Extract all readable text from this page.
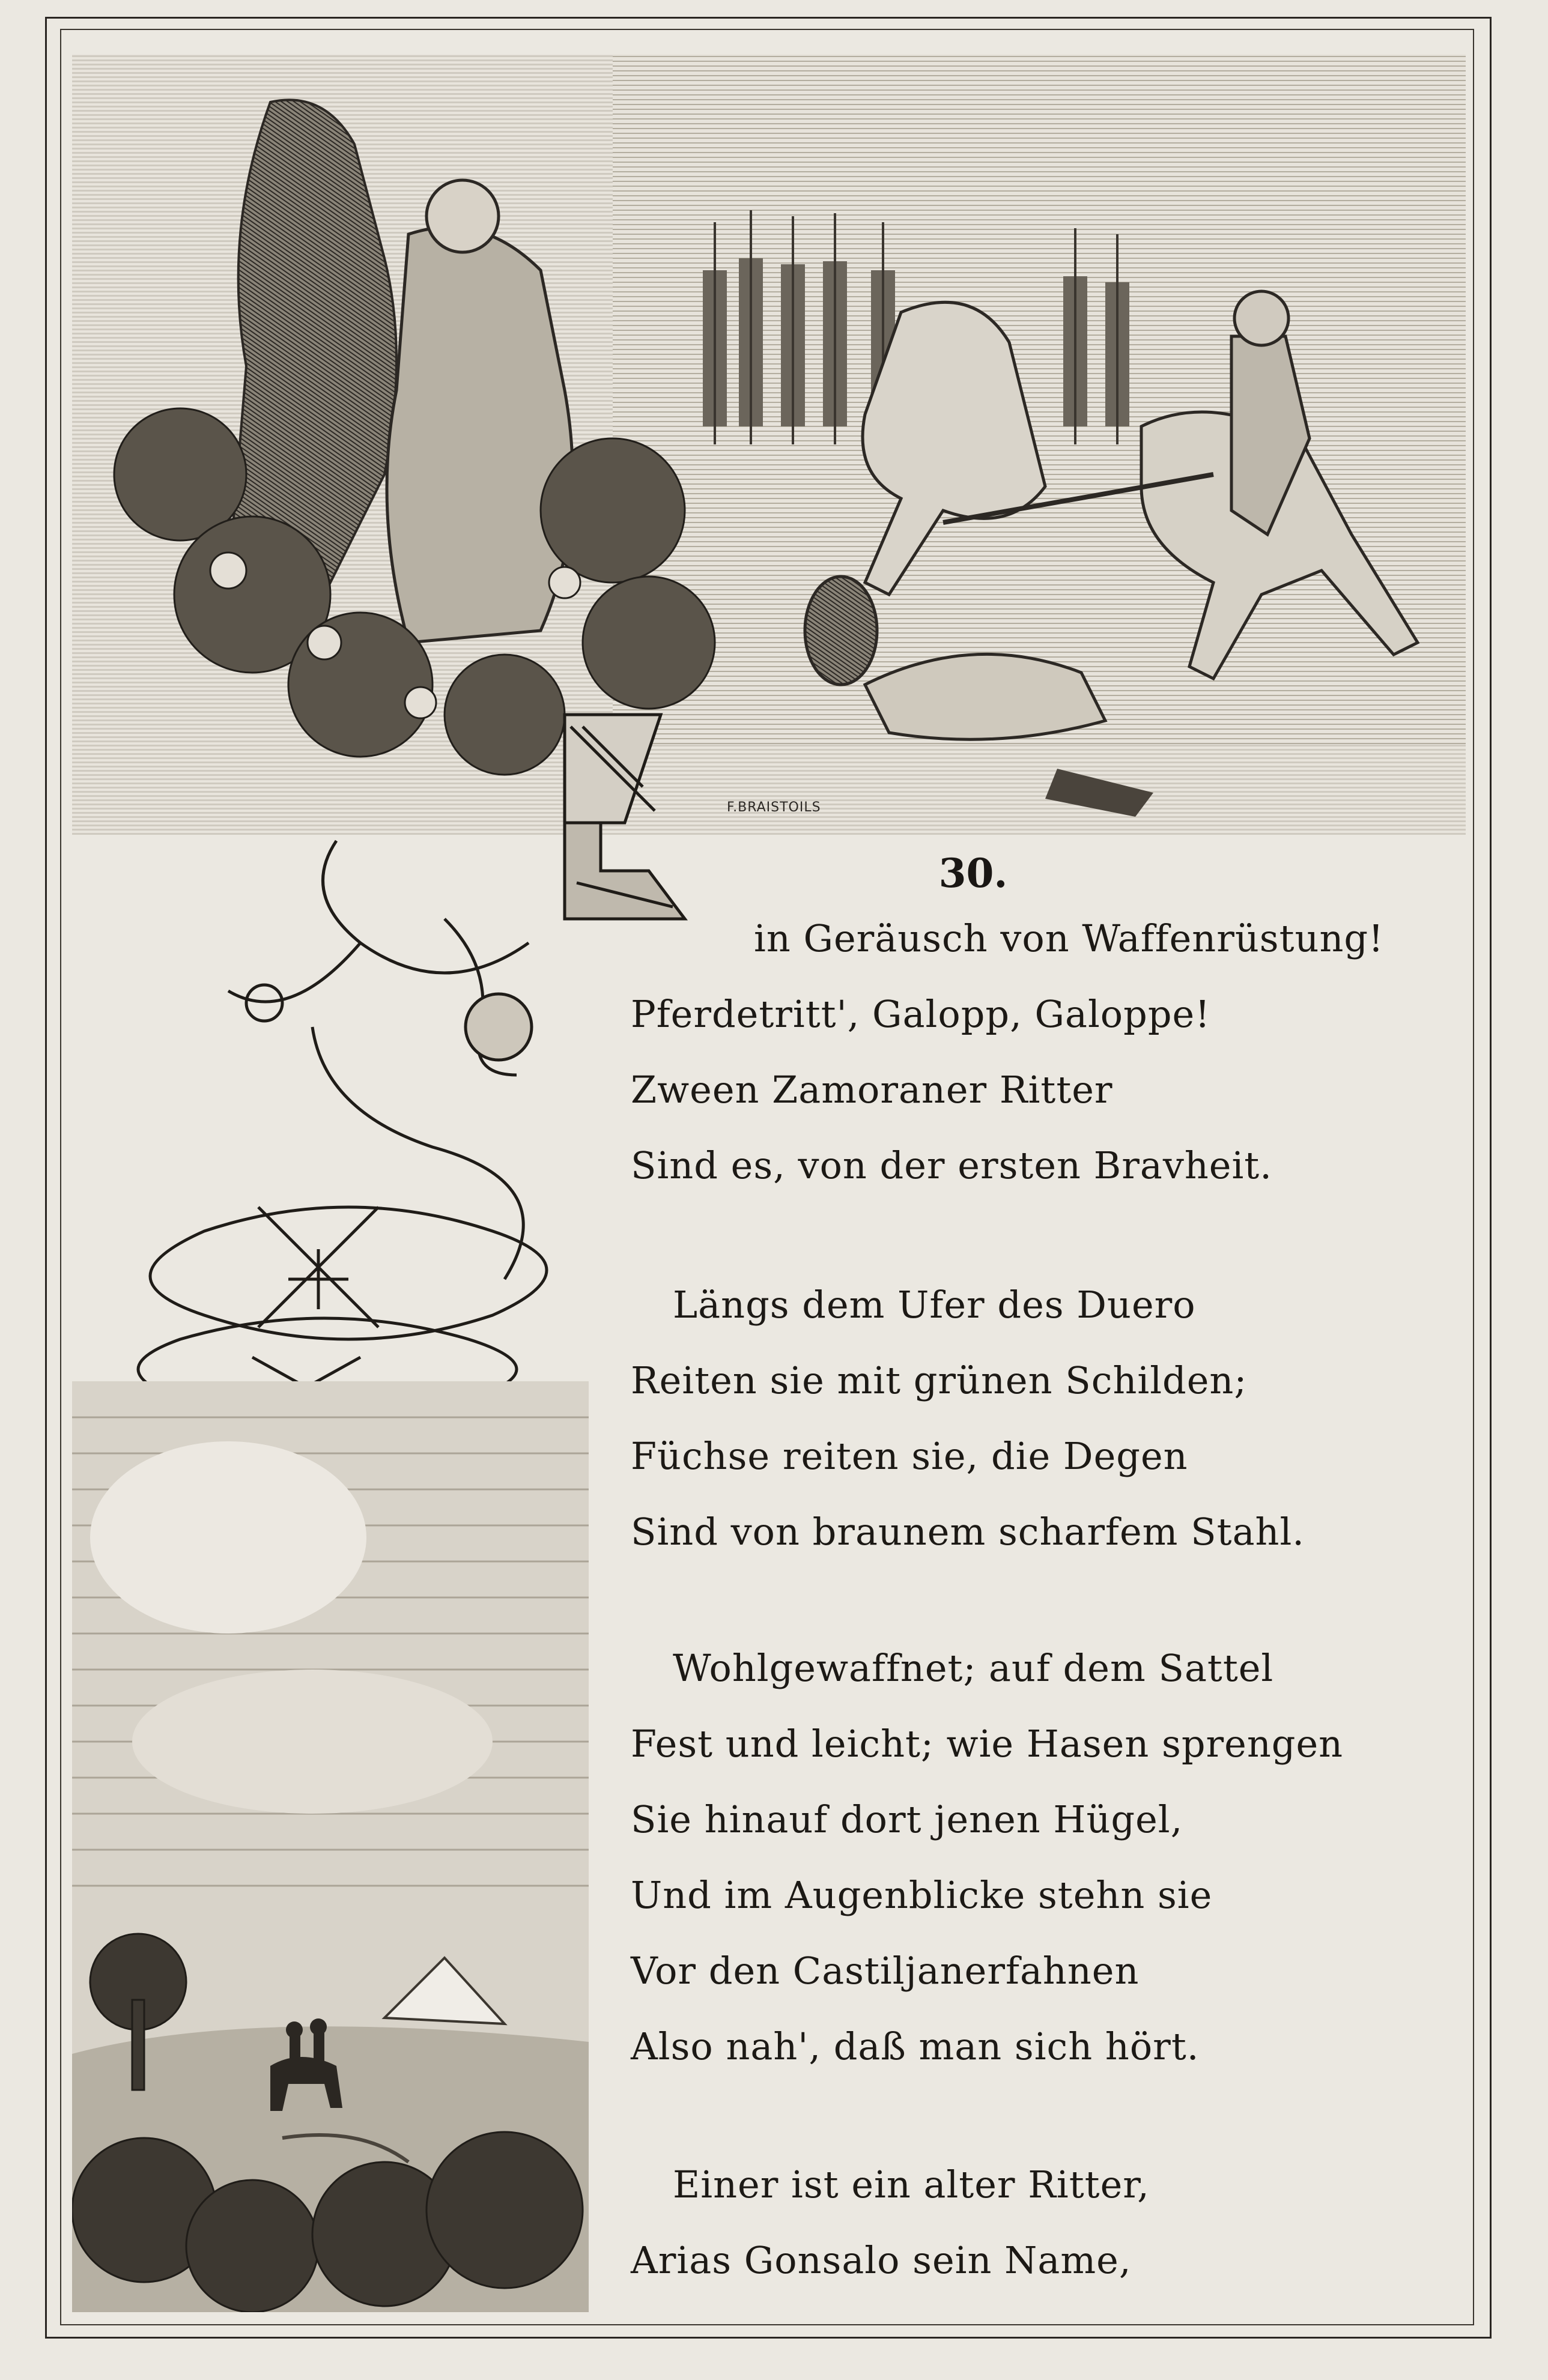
F.BRAISTOILS
30.
in Geräusch von Waffenrüstung!
Pferdetritt', Galopp, Galoppe!
Zween Zamoraner Ritter
Sind es, von der ersten Bravheit.
Längs dem Ufer des Duero
Reiten sie mit grünen Schilden;
Füchse reiten sie, die Degen
Sind von braunem scharfem Stahl.
Wohlgewaffnet; auf dem Sattel
Fest und leicht; wie Hasen sprengen
Sie hinauf dort jenen Hügel,
Und im Augenblicke stehn sie
Vor den Castiljanerfahnen
Also nah', daß man sich hört.
Einer ist ein alter Ritter,
Arias Gonsalo sein Name,
